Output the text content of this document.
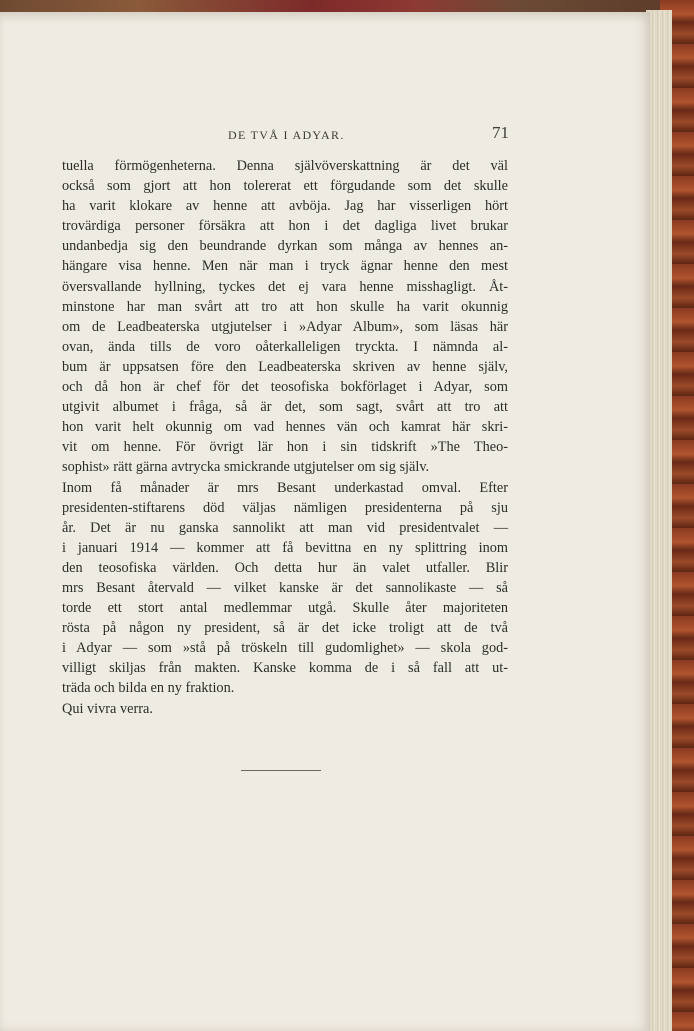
DE TVÅ I ADYAR.	71
tuella förmögenheterna. Denna självöverskattning är det väl
också som gjort att hon tolererat ett förgudande som det skulle
ha varit klokare av henne att avböja. Jag har visserligen hört
trovärdiga personer försäkra att hon i det dagliga livet brukar
undanbedja sig den beundrande dyrkan som många av hennes an-
hängare visa henne. Men när man i tryck ägnar henne den mest
översvallande hyllning, tyckes det ej vara henne misshagligt. Åt-
minstone har man svårt att tro att hon skulle ha varit okunnig
om de Leadbeaterska utgjutelser i »Adyar Album», som läsas här
ovan, ända tills de voro oåterkalleligen tryckta. I nämnda al-
bum är uppsatsen före den Leadbeaterska skriven av henne själv,
och då hon är chef för det teosofiska bokförlaget i Adyar, som
utgivit albumet i fråga, så är det, som sagt, svårt att tro att
hon varit helt okunnig om vad hennes vän och kamrat här skri-
vit om henne. För övrigt lär hon i sin tidskrift »The Theo-
sophist» rätt gärna avtrycka smickrande utgjutelser om sig själv.
Inom få månader är mrs Besant underkastad omval. Efter
presidenten-stiftarens död väljas nämligen presidenterna på sju
år. Det är nu ganska sannolikt att man vid presidentvalet —
i januari 1914 — kommer att få bevittna en ny splittring inom
den teosofiska världen. Och detta hur än valet utfaller. Blir
mrs Besant återvald — vilket kanske är det sannolikaste — så
torde ett stort antal medlemmar utgå. Skulle åter majoriteten
rösta på någon ny president, så är det icke troligt att de två
i Adyar — som »stå på tröskeln till gudomlighet» — skola god-
villigt skiljas från makten. Kanske komma de i så fall att ut-
träda och bilda en ny fraktion.
Qui vivra verra.
